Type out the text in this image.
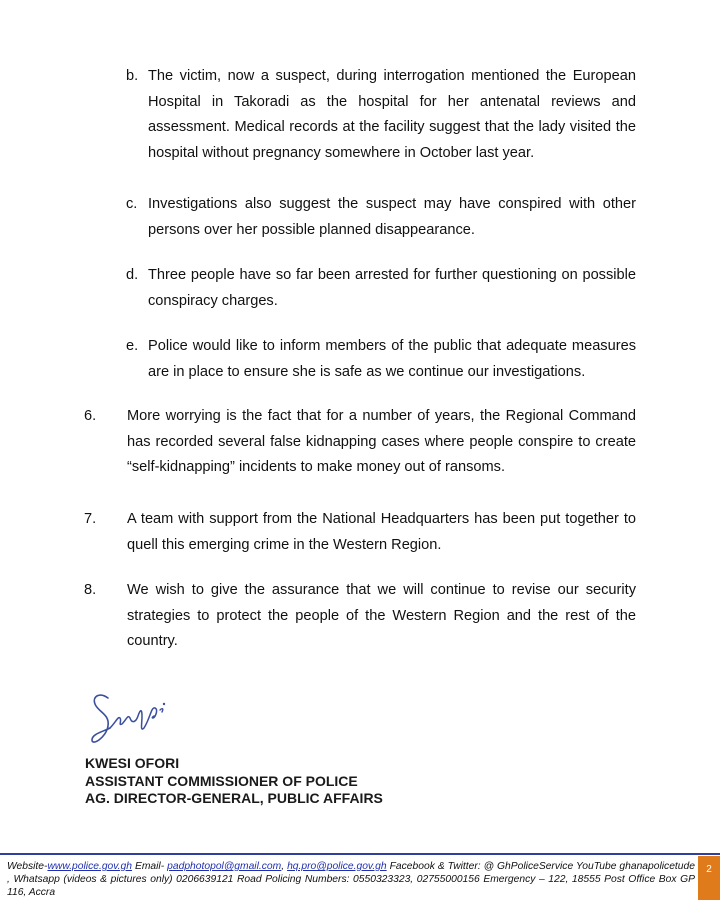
b. The victim, now a suspect, during interrogation mentioned the European Hospital in Takoradi as the hospital for her antenatal reviews and assessment. Medical records at the facility suggest that the lady visited the hospital without pregnancy somewhere in October last year.
c. Investigations also suggest the suspect may have conspired with other persons over her possible planned disappearance.
d. Three people have so far been arrested for further questioning on possible conspiracy charges.
e. Police would like to inform members of the public that adequate measures are in place to ensure she is safe as we continue our investigations.
6. More worrying is the fact that for a number of years, the Regional Command has recorded several false kidnapping cases where people conspire to create “self-kidnapping” incidents to make money out of ransoms.
7. A team with support from the National Headquarters has been put together to quell this emerging crime in the Western Region.
8. We wish to give the assurance that we will continue to revise our security strategies to protect the people of the Western Region and the rest of the country.
KWESI OFORI
ASSISTANT COMMISSIONER OF POLICE
AG. DIRECTOR-GENERAL, PUBLIC AFFAIRS
Website-www.police.gov.gh Email- padphotopol@gmail.com, hq.pro@police.gov.gh Facebook & Twitter: @ GhPoliceService YouTube ghanapolicetude , Whatsapp (videos & pictures only) 0206639121 Road Policing Numbers: 0550323323, 02755000156 Emergency – 122, 18555 Post Office Box GP 116, Accra
2
